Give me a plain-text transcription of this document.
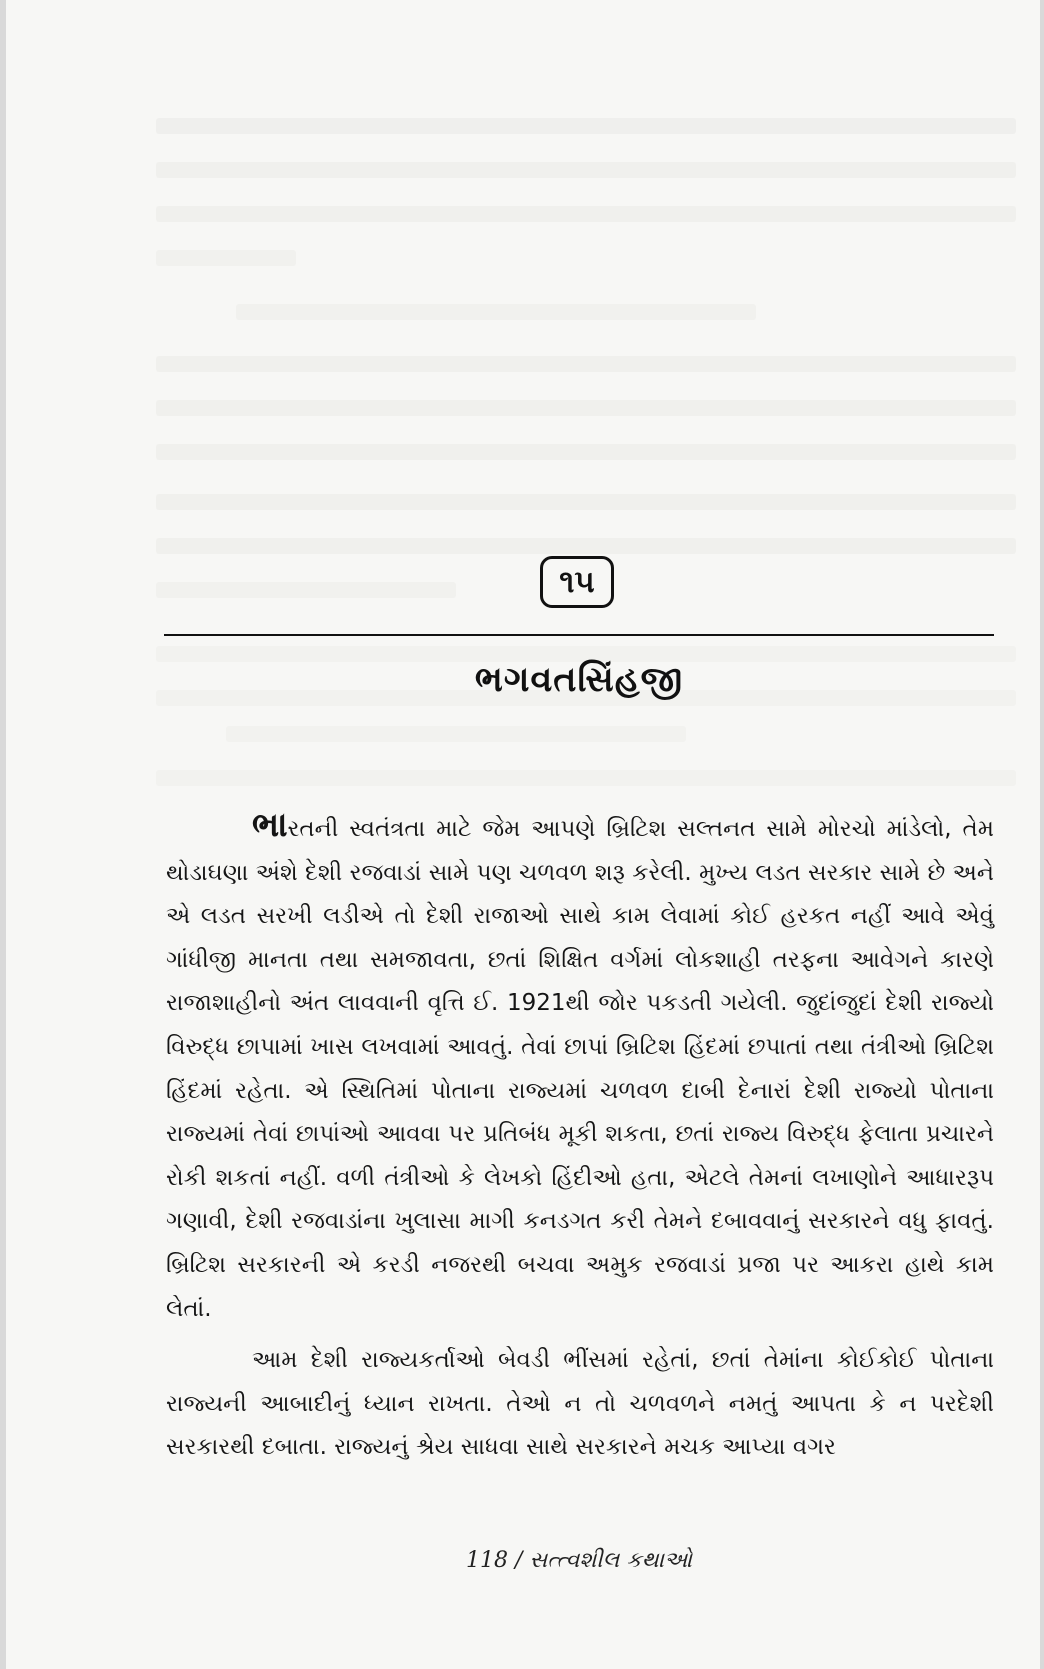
૧૫
ભગવતસિંહજી

ભારતની સ્વતંત્રતા માટે જેમ આપણે બ્રિટિશ સલ્તનત સામે મોરચો માંડેલો, તેમ થોડાઘણા અંશે દેશી રજવાડાં સામે પણ ચળવળ શરૂ કરેલી. મુખ્ય લડત સરકાર સામે છે અને એ લડત સરખી લડીએ તો દેશી રાજાઓ સાથે કામ લેવામાં કોઈ હરકત નહીં આવે એવું ગાંધીજી માનતા તથા સમજાવતા, છતાં શિક્ષિત વર્ગમાં લોકશાહી તરફના આવેગને કારણે રાજાશાહીનો અંત લાવવાની વૃત્તિ ઈ. 1921થી જોર પકડતી ગયેલી. જુદાંજુદાં દેશી રાજ્યો વિરુદ્ધ છાપામાં ખાસ લખવામાં આવતું. તેવાં છાપાં બ્રિટિશ હિંદમાં છપાતાં તથા તંત્રીઓ બ્રિટિશ હિંદમાં રહેતા. એ સ્થિતિમાં પોતાના રાજ્યમાં ચળવળ દાબી દેનારાં દેશી રાજ્યો પોતાના રાજ્યમાં તેવાં છાપાંઓ આવવા પર પ્રતિબંધ મૂકી શકતા, છતાં રાજ્ય વિરુદ્ધ ફેલાતા પ્રચારને રોકી શકતાં નહીં. વળી તંત્રીઓ કે લેખકો હિંદીઓ હતા, એટલે તેમનાં લખાણોને આધારરૂપ ગણાવી, દેશી રજવાડાંના ખુલાસા માગી કનડગત કરી તેમને દબાવવાનું સરકારને વધુ ફાવતું. બ્રિટિશ સરકારની એ કરડી નજરથી બચવા અમુક રજવાડાં પ્રજા પર આકરા હાથે કામ લેતાં.

આમ દેશી રાજ્યકર્તાઓ બેવડી ભીંસમાં રહેતાં, છતાં તેમાંના કોઈકોઈ પોતાના રાજ્યની આબાદીનું ધ્યાન રાખતા. તેઓ ન તો ચળવળને નમતું આપતા કે ન પરદેશી સરકારથી દબાતા. રાજ્યનું શ્રેય સાધવા સાથે સરકારને મચક આપ્યા વગર

118 / સત્ત્વશીલ કથાઓ
